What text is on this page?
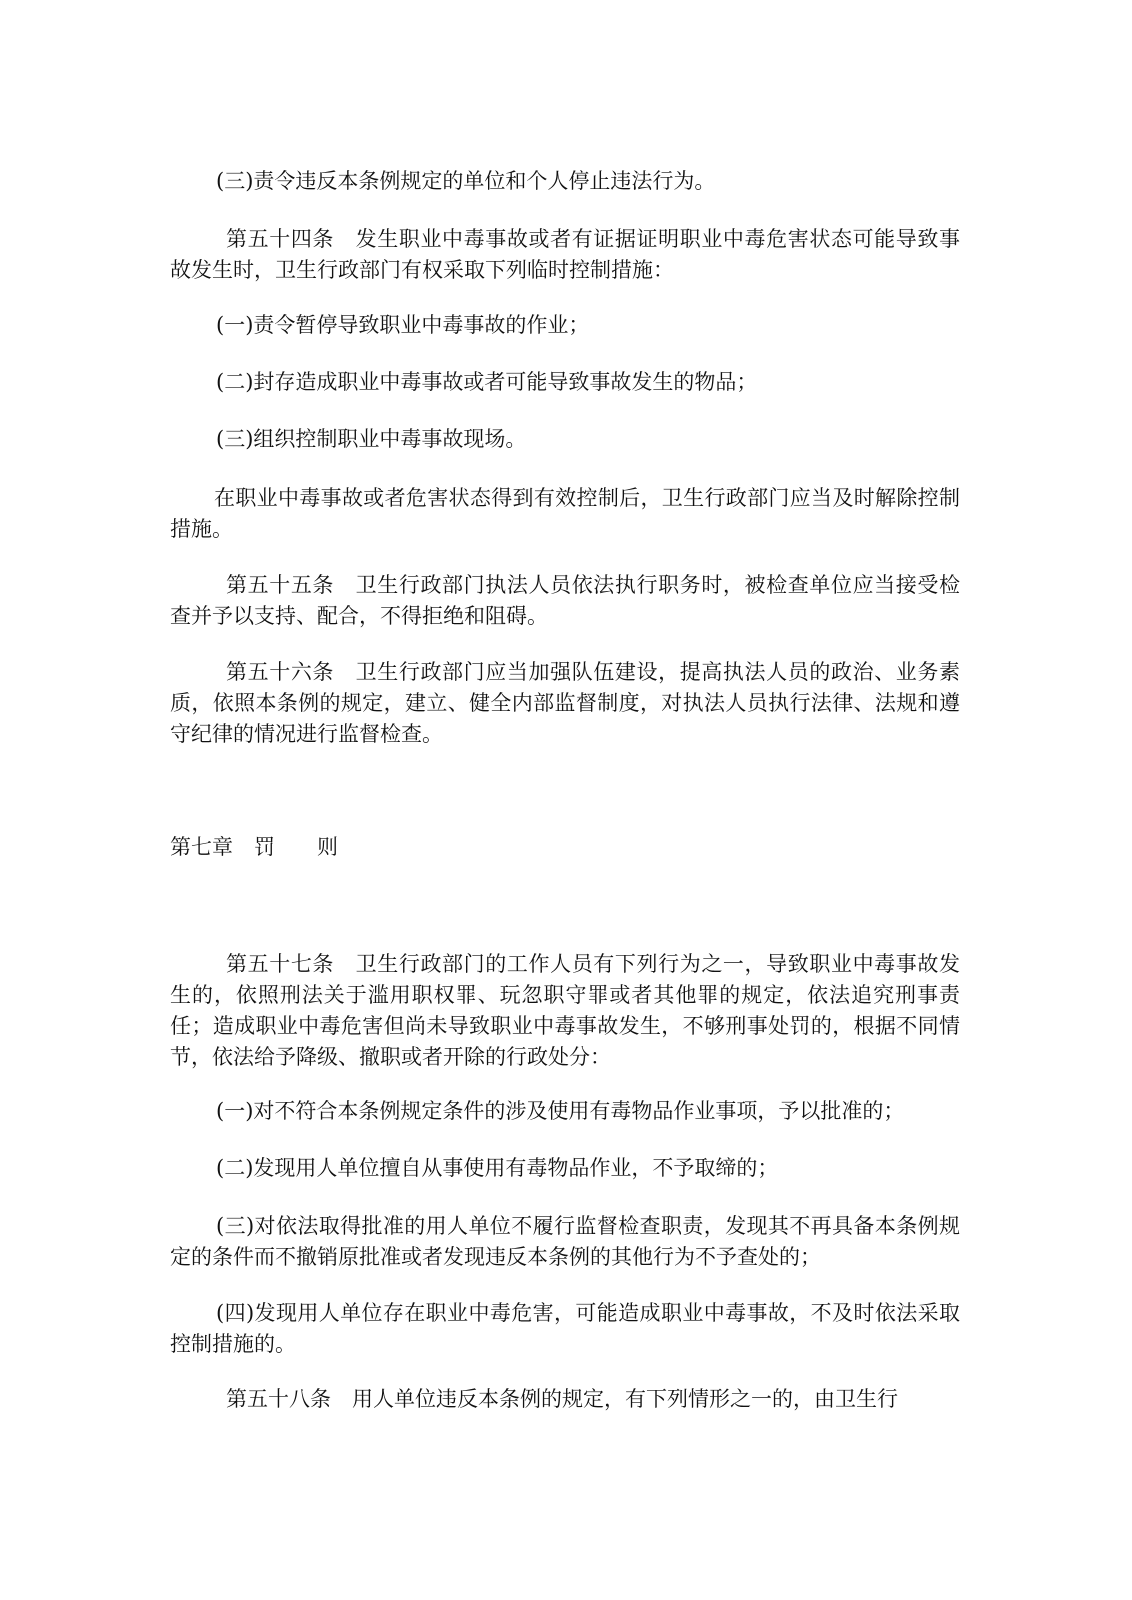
(三)责令违反本条例规定的单位和个人停止违法行为。

第五十四条　发生职业中毒事故或者有证据证明职业中毒危害状态可能导致事故发生时，卫生行政部门有权采取下列临时控制措施：

(一)责令暂停导致职业中毒事故的作业；

(二)封存造成职业中毒事故或者可能导致事故发生的物品；

(三)组织控制职业中毒事故现场。

在职业中毒事故或者危害状态得到有效控制后，卫生行政部门应当及时解除控制措施。

第五十五条　卫生行政部门执法人员依法执行职务时，被检查单位应当接受检查并予以支持、配合，不得拒绝和阻碍。

第五十六条　卫生行政部门应当加强队伍建设，提高执法人员的政治、业务素质，依照本条例的规定，建立、健全内部监督制度，对执法人员执行法律、法规和遵守纪律的情况进行监督检查。

第七章　罚　　则

第五十七条　卫生行政部门的工作人员有下列行为之一，导致职业中毒事故发生的，依照刑法关于滥用职权罪、玩忽职守罪或者其他罪的规定，依法追究刑事责任；造成职业中毒危害但尚未导致职业中毒事故发生，不够刑事处罚的，根据不同情节，依法给予降级、撤职或者开除的行政处分：

(一)对不符合本条例规定条件的涉及使用有毒物品作业事项，予以批准的；

(二)发现用人单位擅自从事使用有毒物品作业，不予取缔的；

(三)对依法取得批准的用人单位不履行监督检查职责，发现其不再具备本条例规定的条件而不撤销原批准或者发现违反本条例的其他行为不予查处的；

(四)发现用人单位存在职业中毒危害，可能造成职业中毒事故，不及时依法采取控制措施的。

第五十八条　用人单位违反本条例的规定，有下列情形之一的，由卫生行
